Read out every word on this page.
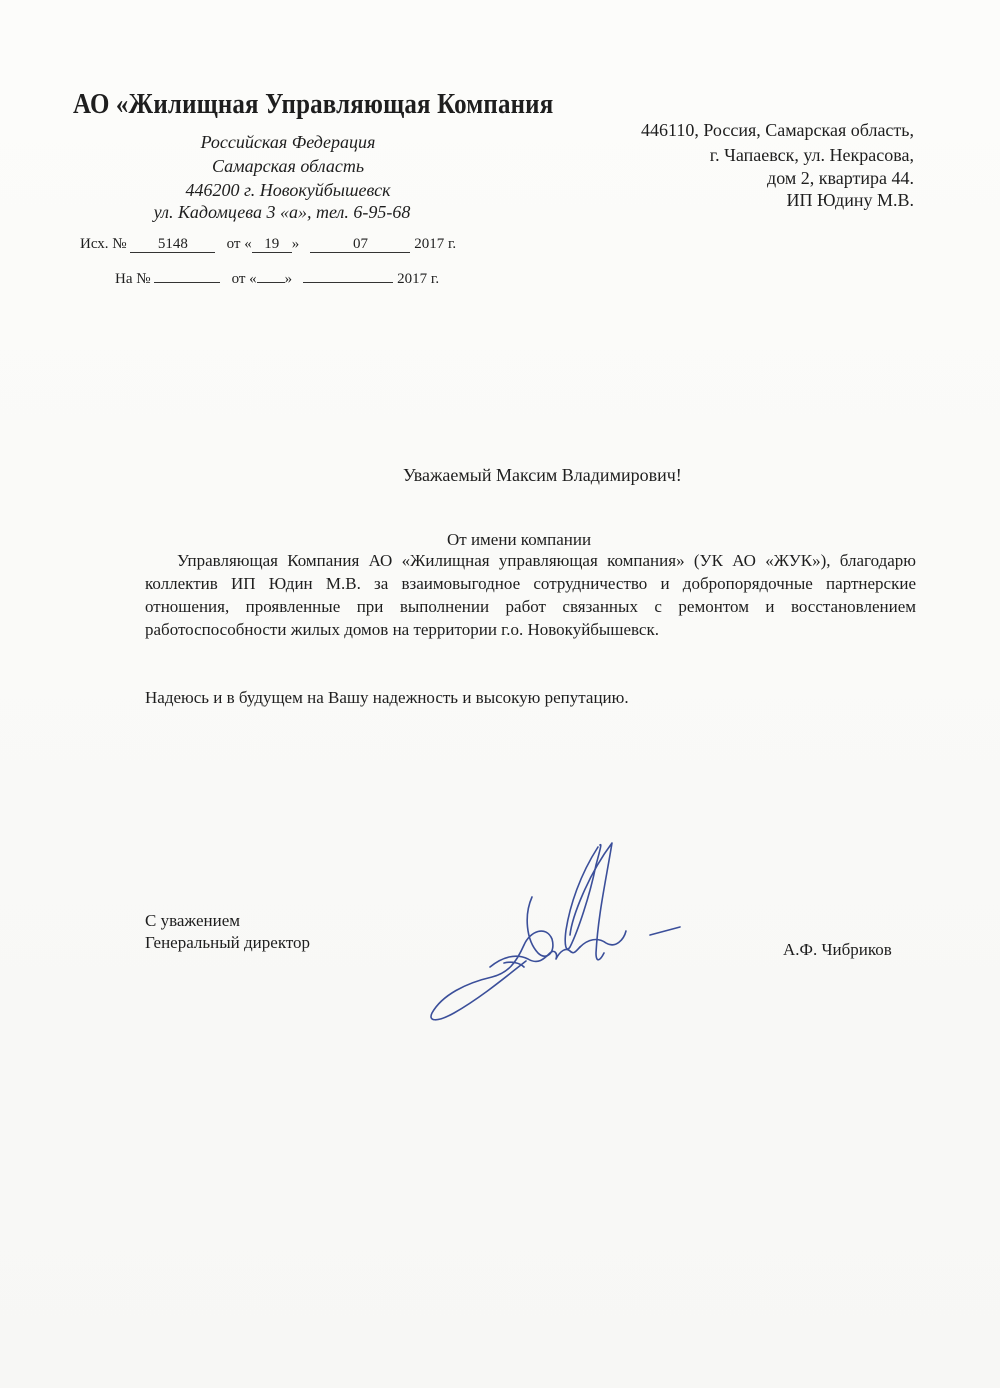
АО «Жилищная Управляющая Компания
Российская Федерация
Самарская область
446200 г. Новокуйбышевск
ул. Кадомцева 3 «а», тел. 6-95-68
446110, Россия, Самарская область,
г. Чапаевск, ул. Некрасова,
дом 2, квартира 44.
ИП Юдину М.В.
Исх. № 5148	от « 19 »	07	2017 г.
На №	от « »	2017 г.
Уважаемый Максим Владимирович!
От имени компании
Управляющая Компания АО «Жилищная управляющая компания» (УК АО «ЖУК»), благодарю коллектив ИП Юдин М.В. за взаимовыгодное сотрудничество и добропорядочные партнерские отношения, проявленные при выполнении работ связанных с ремонтом и восстановлением работоспособности жилых домов на территории г.о. Новокуйбышевск.
Надеюсь и в будущем на Вашу надежность и высокую репутацию.
С уважением
Генеральный директор	А.Ф. Чибриков
